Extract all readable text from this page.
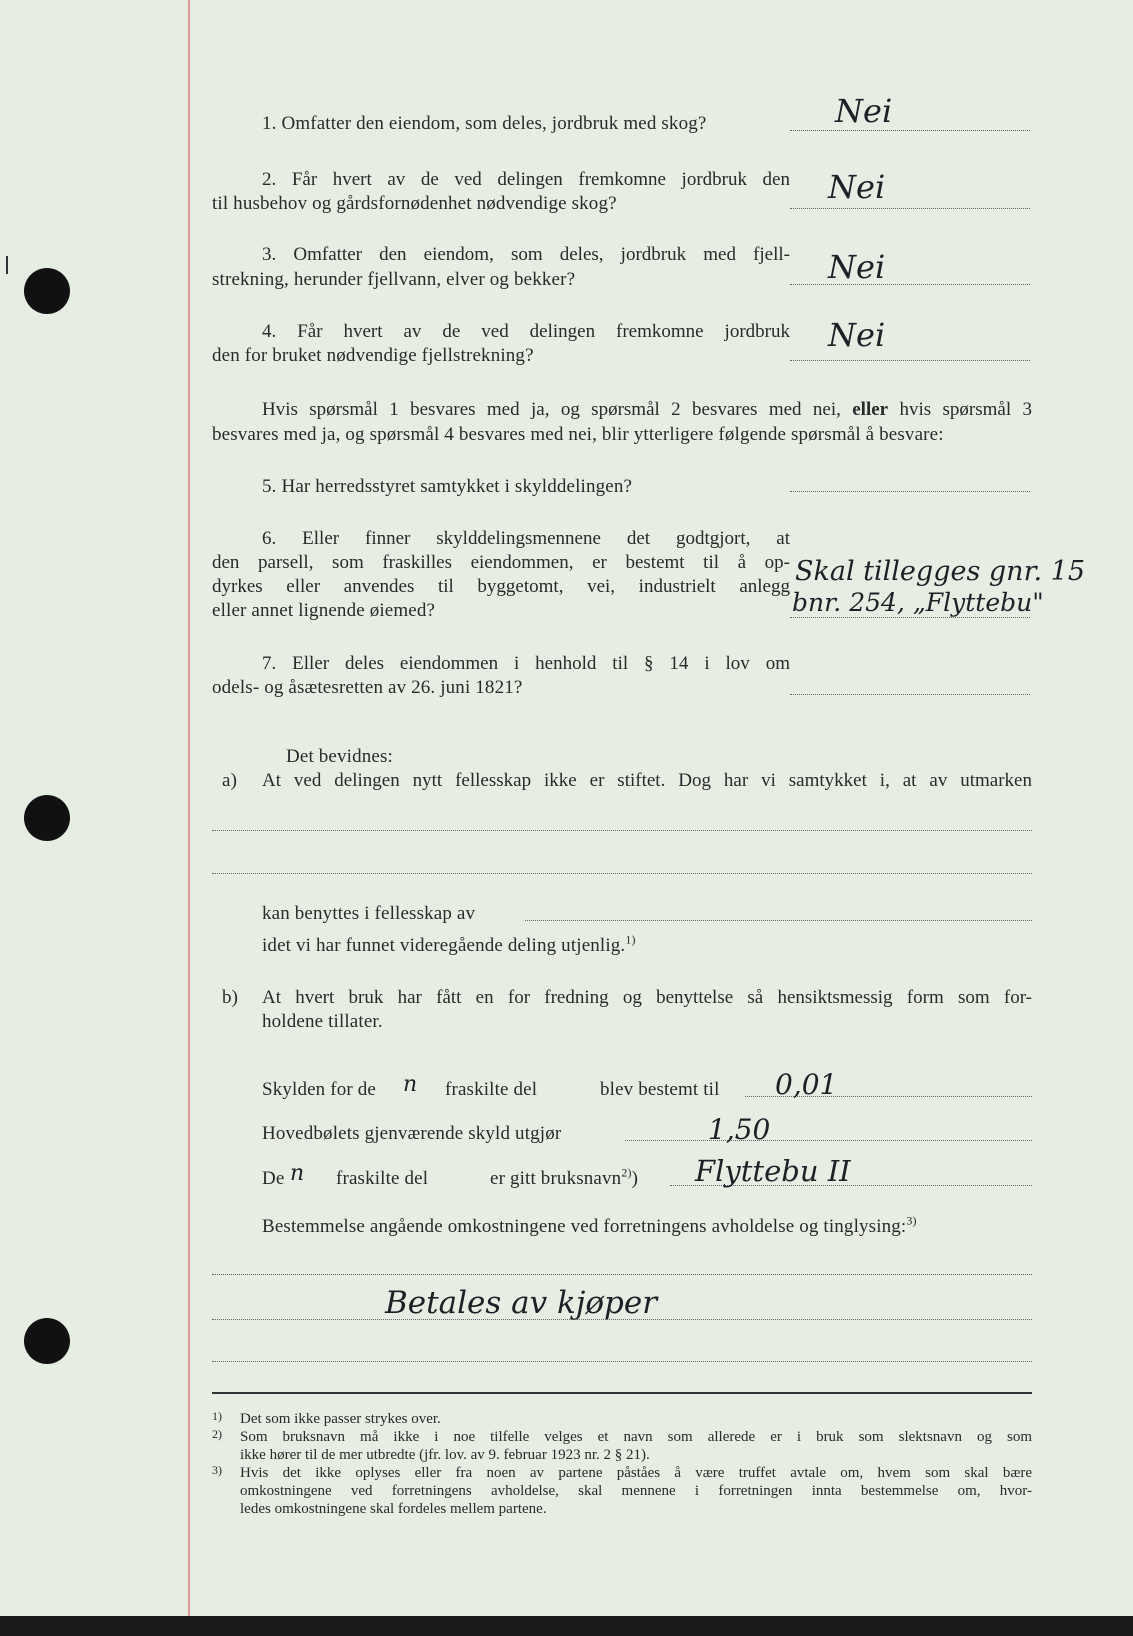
1. Omfatter den eiendom, som deles, jordbruk med skog?	Nei
2. Får hvert av de ved delingen fremkomne jordbruk den
til husbehov og gårdsfornødenhet nødvendige skog?	Nei
3. Omfatter den eiendom, som deles, jordbruk med fjell-
strekning, herunder fjellvann, elver og bekker?	Nei
4. Får hvert av de ved delingen fremkomne jordbruk
den for bruket nødvendige fjellstrekning?
Nei
Hvis spørsmål 1 besvares med ja, og spørsmål 2 besvares med nei, eller hvis spørsmål 3
besvares med ja, og spørsmål 4 besvares med nei, blir ytterligere følgende spørsmål å besvare:
5. Har herredsstyret samtykket i skylddelingen?
6. Eller finner skylddelingsmennene det godtgjort, at
den parsell, som fraskilles eiendommen, er bestemt til å op-
dyrkes eller anvendes til byggetomt, vei, industrielt anlegg
eller annet lignende øiemed?
Skal tillegges gnr. 15
bnr. 254, „Flyttebu"
7. Eller deles eiendommen i henhold til § 14 i lov om
odels- og åsætesretten av 26. juni 1821?
Det bevidnes:
a) At ved delingen nytt fellesskap ikke er stiftet. Dog har vi samtykket i, at av utmarken
kan benyttes i fellesskap av
idet vi har funnet videregående deling utjenlig.$^{1)}$
b) At hvert bruk har fått en for fredning og benyttelse så hensiktsmessig form som for-
holdene tillater.
Skylden for de n fraskilte del	blev bestemt til 0,01
Hovedbølets gjenværende skyld utgjør	1,50
De n fraskilte del	er gitt bruksnavn$^{2)}$) Flyttebu II
Bestemmelse angående omkostningene ved forretningens avholdelse og tinglysing:$^{3)}$
Betales av kjøper
1) Det som ikke passer strykes over.
2) Som bruksnavn må ikke i noe tilfelle velges et navn som allerede er i bruk som slektsnavn og som
ikke hører til de mer utbredte (jfr. lov. av 9. februar 1923 nr. 2 § 21).
3) Hvis det ikke oplyses eller fra noen av partene påståes å være truffet avtale om, hvem som skal bære
omkostningene ved forretningens avholdelse, skal mennene i forretningen innta bestemmelse om, hvor-
ledes omkostningene skal fordeles mellem partene.
